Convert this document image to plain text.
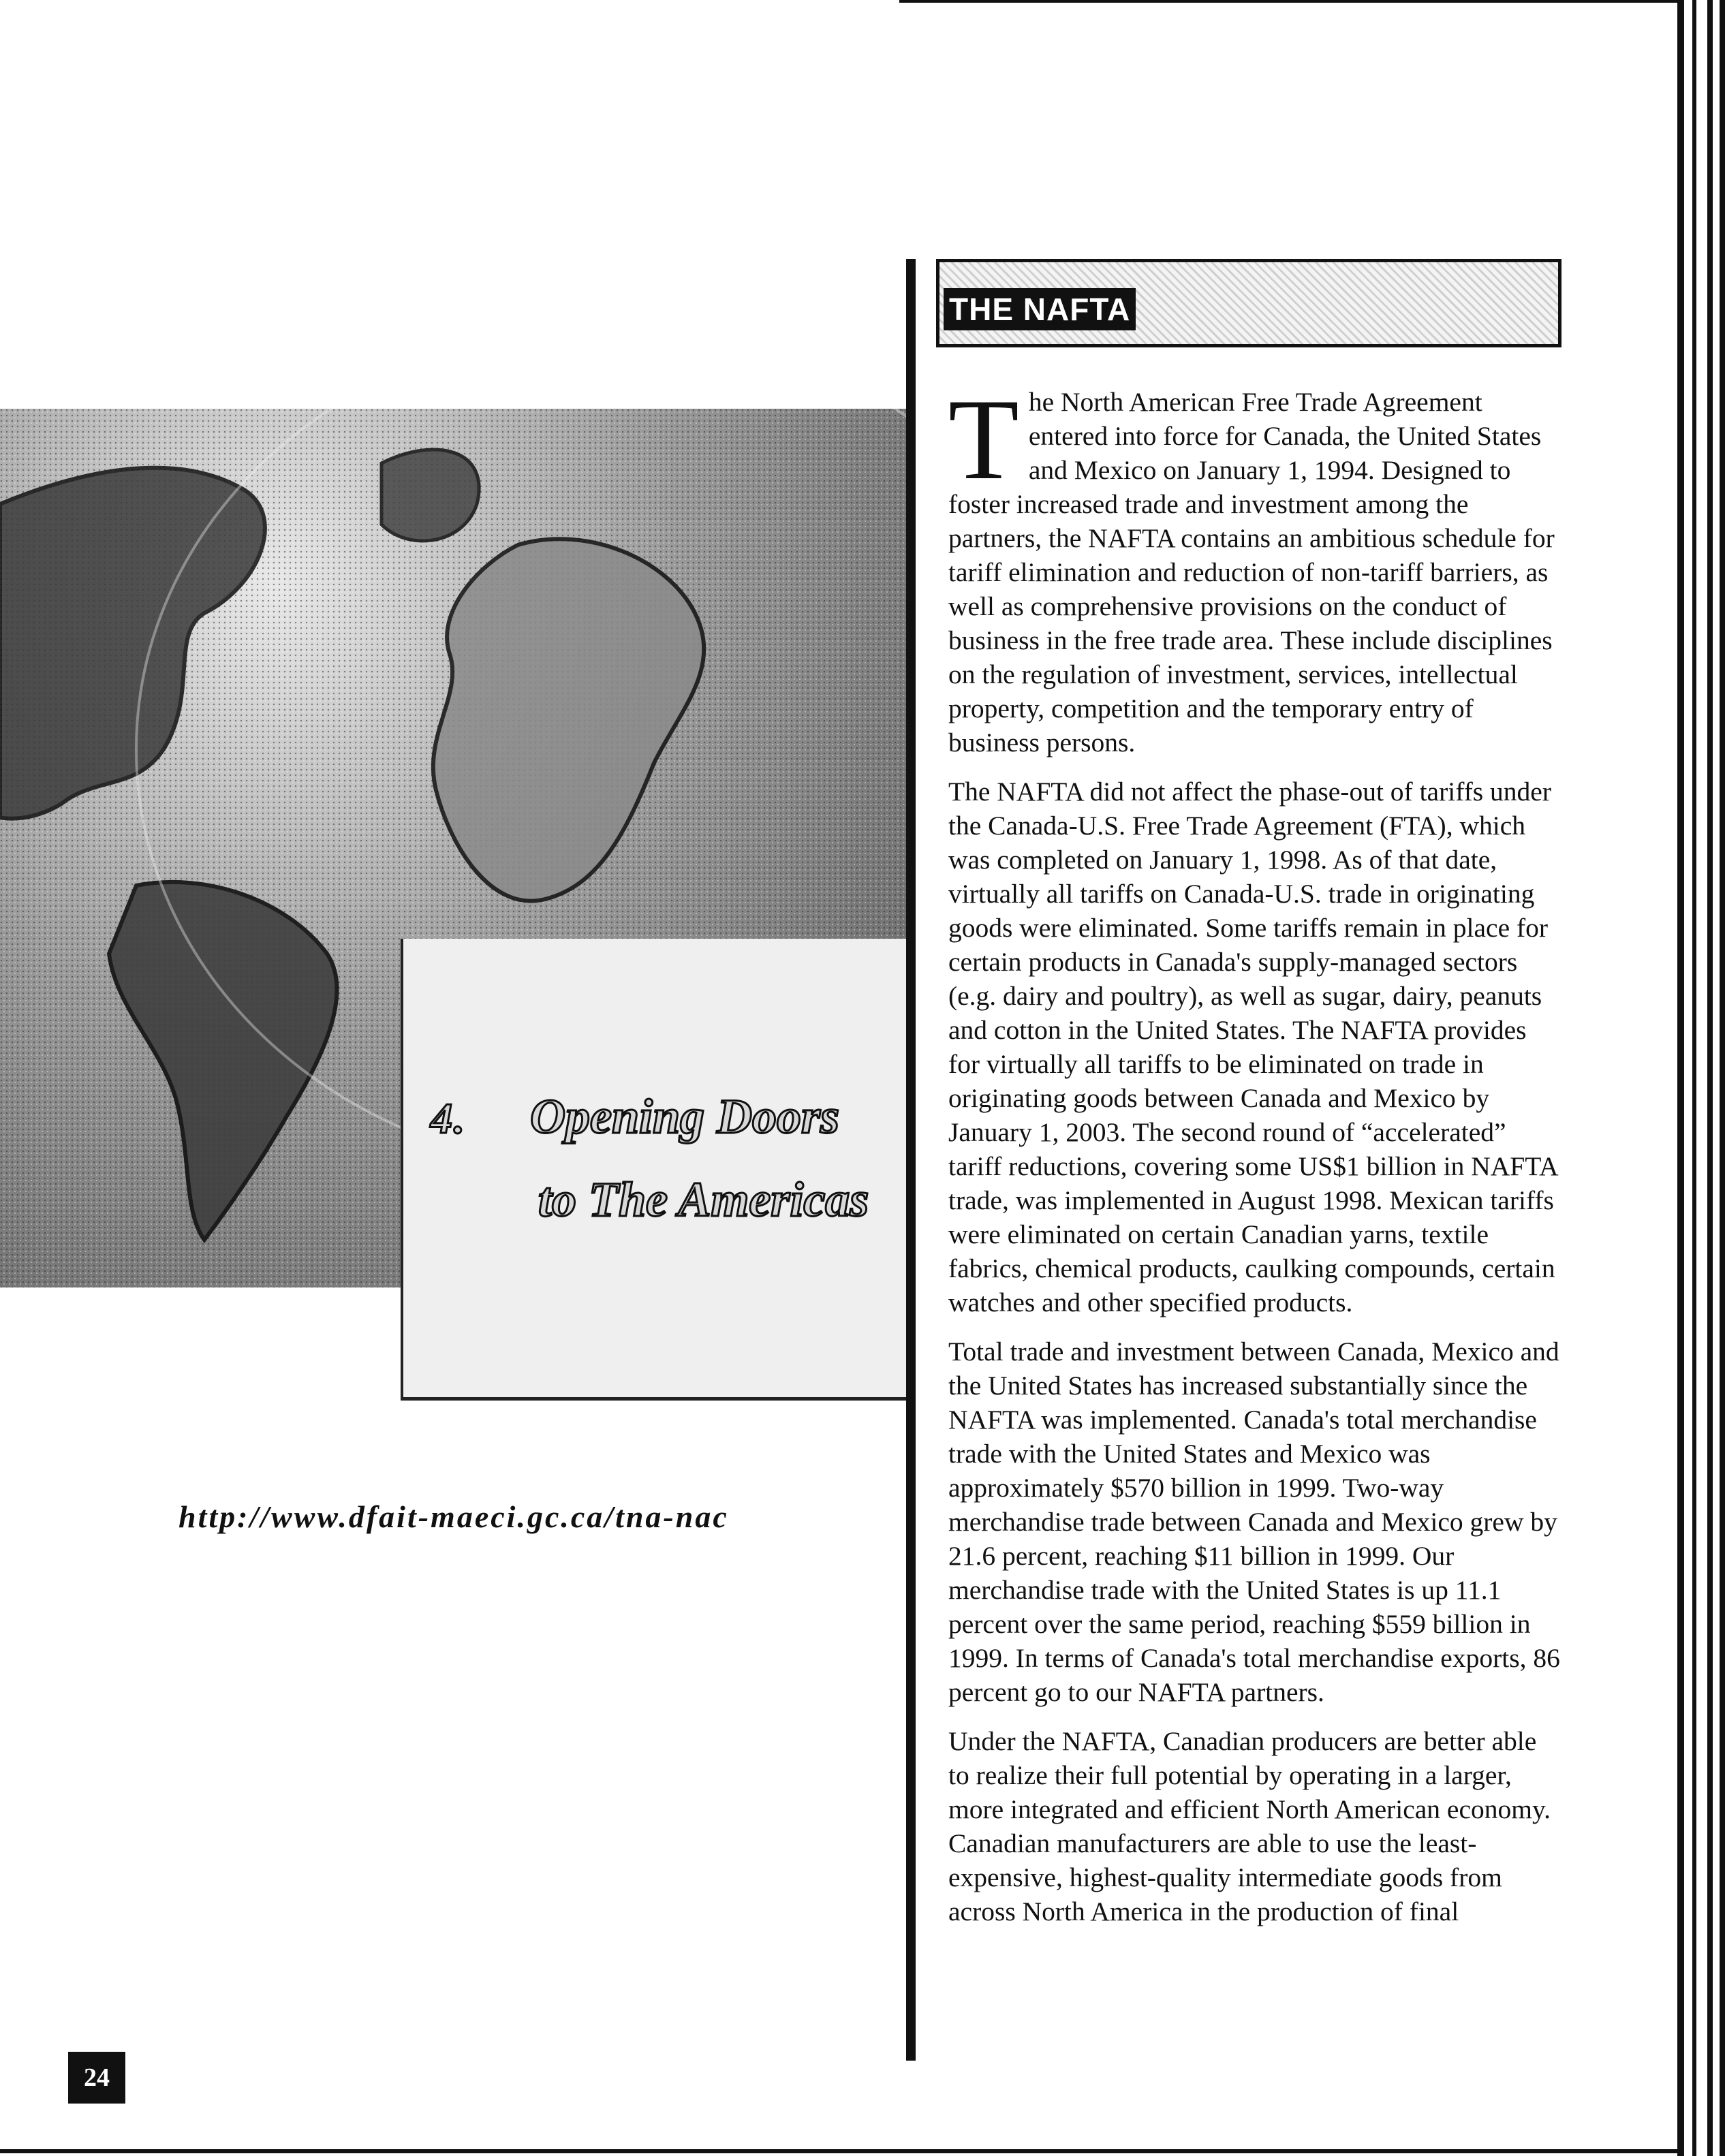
4. Opening Doors
to The Americas
http://www.dfait-maeci.gc.ca/tna-nac
THE NAFTA

T he North American Free Trade Agreement entered into force for Canada, the United States and Mexico on January 1, 1994. Designed to foster increased trade and investment among the partners, the NAFTA contains an ambitious schedule for tariff elimination and reduction of non-tariff barriers, as well as comprehensive provisions on the conduct of business in the free trade area. These include disciplines on the regulation of investment, services, intellectual property, competition and the temporary entry of business persons.

The NAFTA did not affect the phase-out of tariffs under the Canada-U.S. Free Trade Agreement (FTA), which was completed on January 1, 1998. As of that date, virtually all tariffs on Canada-U.S. trade in originating goods were eliminated. Some tariffs remain in place for certain products in Canada's supply-managed sectors (e.g. dairy and poultry), as well as sugar, dairy, peanuts and cotton in the United States. The NAFTA provides for virtually all tariffs to be eliminated on trade in originating goods between Canada and Mexico by January 1, 2003. The second round of “accelerated” tariff reductions, covering some US$1 billion in NAFTA trade, was implemented in August 1998. Mexican tariffs were eliminated on certain Canadian yarns, textile fabrics, chemical products, caulking compounds, certain watches and other specified products.

Total trade and investment between Canada, Mexico and the United States has increased substantially since the NAFTA was implemented. Canada's total merchandise trade with the United States and Mexico was approximately $570 billion in 1999. Two-way merchandise trade between Canada and Mexico grew by 21.6 percent, reaching $11 billion in 1999. Our merchandise trade with the United States is up 11.1 percent over the same period, reaching $559 billion in 1999. In terms of Canada's total merchandise exports, 86 percent go to our NAFTA partners.

Under the NAFTA, Canadian producers are better able to realize their full potential by operating in a larger, more integrated and efficient North American economy. Canadian manufacturers are able to use the least-expensive, highest-quality intermediate goods from across North America in the production of final

24
